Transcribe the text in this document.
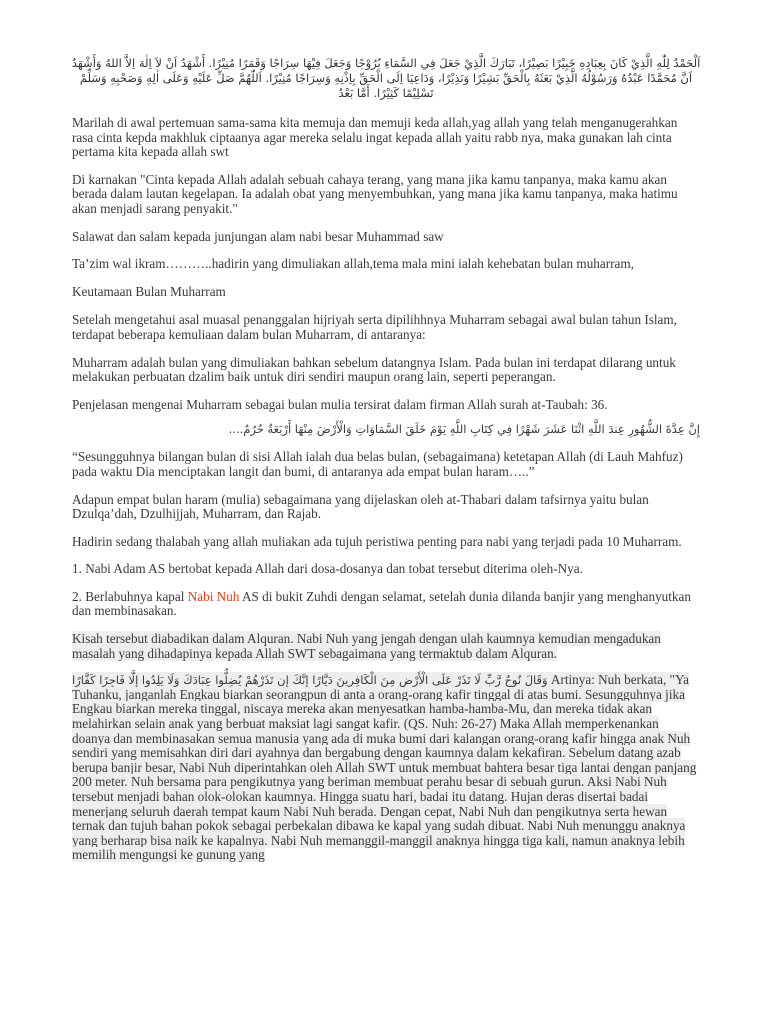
اَلْحَمْدُ لِلّٰهِ الَّذِيْ كَانَ بِعِبَادِهِ خَبِيْرًا بَصِيْرًا، تَبَارَكَ الَّذِيْ جَعَلَ فِي السَّمَاءِ بُرُوْجًا وَجَعَلَ فِيْهَا سِرَاجًا وَقَمَرًا مُنِيْرًا. أَشْهَدُ اَنْ لاَ اِلٰهَ اِلاَّ اللهُ وَأَشْهَدُ اَنَّ مُحَمَّدًا عَبْدُهُ وَرَسُوْلُهُ الَّذِيْ بَعَثَهُ بِالْحَقِّ بَشِيْرًا وَنَذِيْرًا، وَدَاعِيَا اِلَى الْحَقِّ بِاِذْنِهِ وَسِرَاجًا مُنِيْرًا. اَللّٰهُمَّ صَلِّ عَلَيْهِ وَعَلَى اٰلِهِ وَصَحْبِهِ وَسَلِّمْ تَسْلِيْمًا كَثِيْرًا. أَمَّا بَعْدُ

Marilah di awal pertemuan sama-sama kita memuja dan memuji keda allah,yag allah yang telah menganugerahkan rasa cinta kepda makhluk ciptaanya agar mereka selalu ingat kepada allah yaitu rabb nya, maka gunakan lah cinta pertama kita kepada allah swt

Di karnakan "Cinta kepada Allah adalah sebuah cahaya terang, yang mana jika kamu tanpanya, maka kamu akan berada dalam lautan kegelapan. Ia adalah obat yang menyembuhkan, yang mana jika kamu tanpanya, maka hatimu akan menjadi sarang penyakit."

Salawat dan salam kepada junjungan alam nabi besar Muhammad saw

Ta’zim wal ikram………..hadirin yang dimuliakan allah,tema mala mini ialah kehebatan bulan muharram,

Keutamaan Bulan Muharram

Setelah mengetahui asal muasal penanggalan hijriyah serta dipilihhnya Muharram sebagai awal bulan tahun Islam, terdapat beberapa kemuliaan dalam bulan Muharram, di antaranya:

Muharram adalah bulan yang dimuliakan bahkan sebelum datangnya Islam. Pada bulan ini terdapat dilarang untuk melakukan perbuatan dzalim baik untuk diri sendiri maupun orang lain, seperti peperangan.

Penjelasan mengenai Muharram sebagai bulan mulia tersirat dalam firman Allah surah at-Taubah: 36.

إِنَّ عِدَّةَ الشُّهُورِ عِندَ اللَّهِ اثْنَا عَشَرَ شَهْرًا فِي كِتَابِ اللَّهِ يَوْمَ خَلَقَ السَّمَاوَاتِ وَالْأَرْضَ مِنْهَا أَرْبَعَةٌ حُرُمٌ....

“Sesungguhnya bilangan bulan di sisi Allah ialah dua belas bulan, (sebagaimana) ketetapan Allah (di Lauh Mahfuz) pada waktu Dia menciptakan langit dan bumi, di antaranya ada empat bulan haram…..”

Adapun empat bulan haram (mulia) sebagaimana yang dijelaskan oleh at-Thabari dalam tafsirnya yaitu bulan Dzulqa’dah, Dzulhijjah, Muharram, dan Rajab.

Hadirin sedang thalabah yang allah muliakan ada tujuh peristiwa penting para nabi yang terjadi pada 10 Muharram.

1. Nabi Adam AS bertobat kepada Allah dari dosa-dosanya dan tobat tersebut diterima oleh-Nya.

2. Berlabuhnya kapal Nabi Nuh AS di bukit Zuhdi dengan selamat, setelah dunia dilanda banjir yang menghanyutkan dan membinasakan.

Kisah tersebut diabadikan dalam Alquran. Nabi Nuh yang jengah dengan ulah kaumnya kemudian mengadukan masalah yang dihadapinya kepada Allah SWT sebagaimana yang termaktub dalam Alquran.

وَقَالَ نُوحٌ رَّبِّ لَا تَذَرْ عَلَى الْأَرْضِ مِنَ الْكَافِرِينَ دَيَّارًا إِنَّكَ إِن تَذَرْهُمْ يُضِلُّوا عِبَادَكَ وَلَا يَلِدُوا إِلَّا فَاجِرًا كَفَّارًا Artinya: Nuh berkata, "Ya Tuhanku, janganlah Engkau biarkan seorangpun di anta a orang-orang kafir tinggal di atas bumi. Sesungguhnya jika Engkau biarkan mereka tinggal, niscaya mereka akan menyesatkan hamba-hamba-Mu, dan mereka tidak akan melahirkan selain anak yang berbuat maksiat lagi sangat kafir. (QS. Nuh: 26-27) Maka Allah memperkenankan doanya dan membinasakan semua manusia yang ada di muka bumi dari kalangan orang-orang kafir hingga anak Nuh sendiri yang memisahkan diri dari ayahnya dan bergabung dengan kaumnya dalam kekafiran. Sebelum datang azab berupa banjir besar, Nabi Nuh diperintahkan oleh Allah SWT untuk membuat bahtera besar tiga lantai dengan panjang 200 meter. Nuh bersama para pengikutnya yang beriman membuat perahu besar di sebuah gurun. Aksi Nabi Nuh tersebut menjadi bahan olok-olokan kaumnya. Hingga suatu hari, badai itu datang. Hujan deras disertai badai menerjang seluruh daerah tempat kaum Nabi Nuh berada. Dengan cepat, Nabi Nuh dan pengikutnya serta hewan ternak dan tujuh bahan pokok sebagai perbekalan dibawa ke kapal yang sudah dibuat. Nabi Nuh menunggu anaknya yang berharap bisa naik ke kapalnya. Nabi Nuh memanggil-manggil anaknya hingga tiga kali, namun anaknya lebih memilih mengungsi ke gunung yang
